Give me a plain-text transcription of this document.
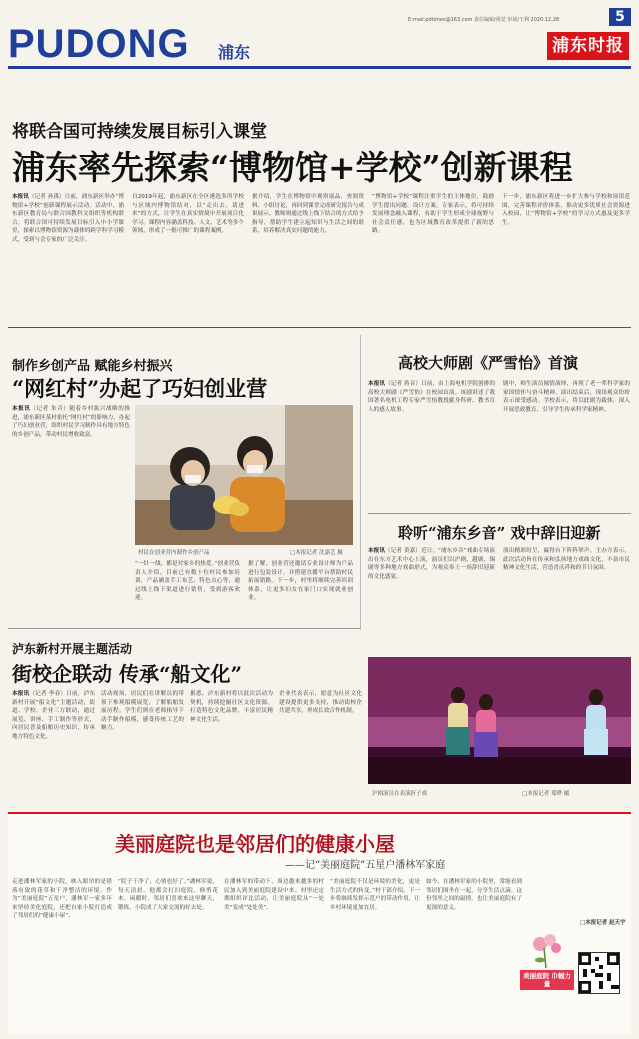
PUDONG 浦东
E-mail:pdtimes@163.com 责任编辑/视觉 审读/王利 2020.12.28	5
浦东时报
将联合国可持续发展目标引入课堂
浦东率先探索“博物馆+学校”创新课程
本报讯（记者 孙禹）日前，浦东新区举办“博物馆+学校”创新课程展示活动。活动中，浦东新区教育局与联合国教科文组织等机构联合，将联合国可持续发展目标引入中小学课堂，探索以博物馆资源为载体的跨学科学习模式，受到与会专家的广泛关注。
自2019年起，浦东新区在全区遴选多所学校与区域内博物馆结对，以“走出去、请进来”的方式，让学生在真实情境中开展项目化学习。课程内容涵盖科技、人文、艺术等多个领域，形成了一批可推广的课程案例。
据介绍，学生在博物馆中观察展品、查阅资料、小组讨论，再回到课堂完成研究报告与成果展示。教师则通过线上线下结合的方式给予指导，帮助学生建立起知识与生活之间的联系，培养解决真实问题的能力。
“博物馆+学校”课程注重学生的主体地位，鼓励学生提出问题、设计方案。专家表示，将可持续发展理念融入课程，有助于学生形成全球视野与社会责任感，也为区域教育改革提供了新的思路。
下一步，浦东新区将进一步扩大参与学校和场馆范围，完善课程评价体系，推动更多优质社会资源进入校园，让“博物馆+学校”的学习方式惠及更多学生。
制作乡创产品 赋能乡村振兴
“网红村”办起了巧妇创业营
本报讯（记者 朱音）随着乡村振兴战略的推进，浦东新区某村依托“网红村”的影响力，办起了巧妇创业营，组织村民学习制作具有地方特色的乡创产品，带动村民增收致富。
村民在创业营内制作乡创产品	□本报记者 沈嘉艺 摄
“一针一线，都是对家乡的热爱。”创业营负责人介绍，目前已有数十位村民参加培训，产品涵盖手工布艺、特色点心等，通过线上线下渠道进行销售，受到游客欢迎。
据了解，创业营还邀请专业设计师为产品进行包装设计，并搭建直播平台帮助村民拓展销路。下一步，村里将继续完善培训体系，让更多妇女在家门口实现就业创业。
高校大师剧《严雪怡》首演
本报讯（记者 蒋音）日前，由上海电机学院创排的高校大师剧《严雪怡》在校园首演。该剧讲述了我国著名电机工程专家严雪怡教授献身科研、教书育人的感人故事。
剧中，师生演员倾情演绎，再现了老一辈科学家的家国情怀与奋斗精神。演出结束后，现场观众纷纷表示深受感动。学校表示，将以此剧为载体，深入开展思政教育，引导学生传承科学家精神。
聆听“浦东乡音” 戏中辞旧迎新
本报讯（记者 黄嘉）近日，“浦东乡音”戏曲专场演出在东方艺术中心上演，演员们以沪剧、越剧、锡剧等多种地方戏曲形式，为观众奉上一场辞旧迎新的文化盛宴。
演出精彩纷呈，赢得台下阵阵掌声。主办方表示，此次活动旨在传承和弘扬地方戏曲文化，丰富市民精神文化生活，营造喜庆祥和的节日氛围。
沪剧演员在表演折子戏	□本报记者 郑晔 摄
泸东新村开展主题活动
街校企联动 传承“船文化”
本报讯（记者 李春）日前，泸东新村开展“船文化”主题活动，街道、学校、企业三方联动，通过展览、讲座、手工制作等形式，向居民普及船舶历史知识，传承地方特色文化。
活动现场，居民们在讲解员的带领下参观船模展览，了解船舶发展历程。学生们则在老师指导下动手制作船模，感受传统工艺的魅力。
据悉，泸东新村将以此次活动为契机，持续挖掘社区文化资源，打造特色文化品牌，丰富居民精神文化生活。
企业代表表示，愿意为社区文化建设提供更多支持，推动街校企共建共享，形成长效合作机制。
美丽庭院也是邻居们的健康小屋
——记“美丽庭院”五星户潘林军家庭
走进潘林军家的小院，映入眼帘的是错落有致的花草和干净整洁的环境。作为“美丽庭院”五星户，潘林军一家多年来坚持美化庭院，还把自家小院打造成了邻居们的“健康小屋”。
“院子干净了，心情也好了。”潘林军说，每天清晨，他都会打扫庭院、修剪花木。闲暇时，邻居们喜欢来这里聊天、锻炼，小院成了大家交流的好去处。
在潘林军的带动下，周边越来越多的村民加入到美丽庭院建设中来。村里还定期组织评比活动，让美丽庭院从“一处美”变成“处处美”。
“美丽庭院不仅是环境的美化，更是生活方式的转变。”村干部介绍，下一步将继续发挥示范户的带动作用，让乡村环境更加宜居。
如今，在潘林军家的小院里，常能看到邻居们围坐在一起，分享生活点滴。这份邻里之间的温情，也让美丽庭院有了更深的意义。
□本报记者 赵天宇
美丽庭院 巾帼力量
